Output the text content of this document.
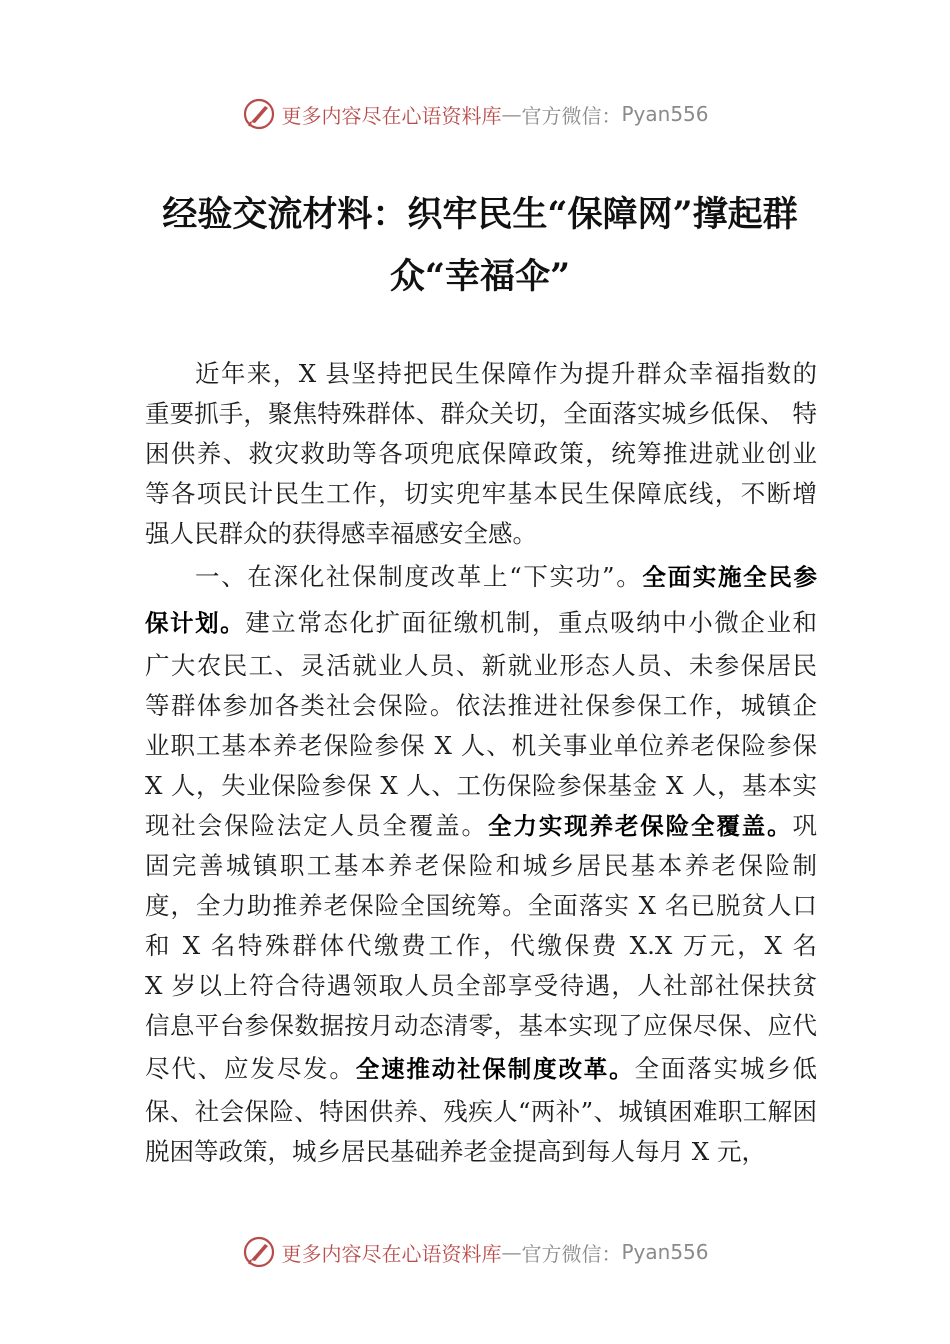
更多内容尽在心语资料库 — 官方微信： Pyan556
经验交流材料：织牢民生“保障网”撑起群
众“幸福伞”
近年来，X 县坚持把民生保障作为提升群众幸福指数的
重要抓手，聚焦特殊群体、群众关切，全面落实城乡低保、 特
困供养、救灾救助等各项兜底保障政策，统筹推进就业创业
等各项民计民生工作，切实兜牢基本民生保障底线，不断增
强人民群众的获得感幸福感安全感。
一、在深化社保制度改革上“下实功”。全面实施全民参
保计划。建立常态化扩面征缴机制，重点吸纳中小微企业和
广大农民工、灵活就业人员、新就业形态人员、未参保居民
等群体参加各类社会保险。依法推进社保参保工作，城镇企
业职工基本养老保险参保 X 人、机关事业单位养老保险参保
X 人，失业保险参保 X 人、工伤保险参保基金 X 人，基本实
现社会保险法定人员全覆盖。全力实现养老保险全覆盖。巩
固完善城镇职工基本养老保险和城乡居民基本养老保险制
度，全力助推养老保险全国统筹。全面落实 X 名已脱贫人口
和 X 名特殊群体代缴费工作，代缴保费 X.X 万元，X 名
X 岁以上符合待遇领取人员全部享受待遇，人社部社保扶贫
信息平台参保数据按月动态清零，基本实现了应保尽保、应代
尽代、应发尽发。全速推动社保制度改革。全面落实城乡低
保、社会保险、特困供养、残疾人“两补”、城镇困难职工解困
脱困等政策，城乡居民基础养老金提高到每人每月 X 元，
更多内容尽在心语资料库 — 官方微信： Pyan556
